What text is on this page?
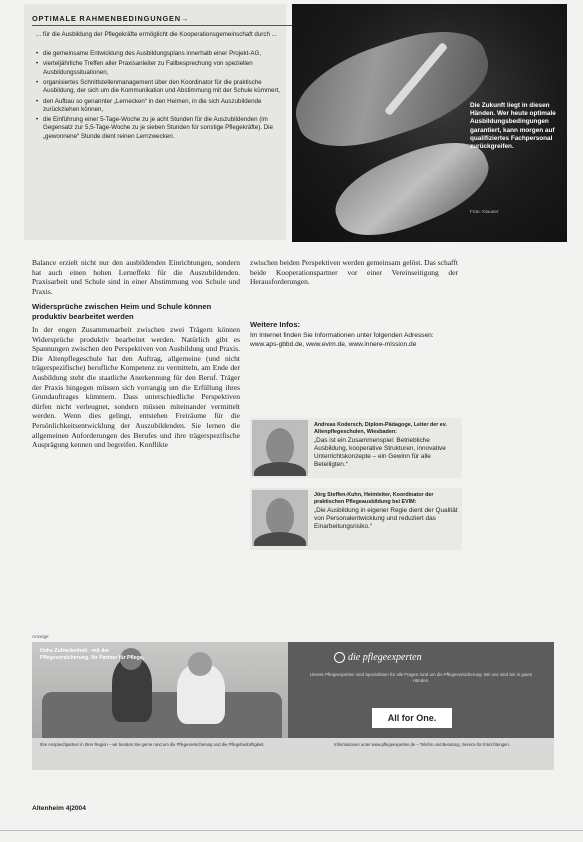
OPTIMALE RAHMENBEDINGUNGEN→
... für die Ausbildung der Pflegekräfte ermöglicht die Kooperationsgemeinschaft durch ...
• die gemeinsame Entwicklung des Ausbildungsplans innerhalb einer Projekt-AG,
• vierteljährliche Treffen aller Praxisanleiter zu Fallbesprechung von speziellen Ausbildungssituationen,
• organisiertes Schnittstellenmanagement über den Koordinator für die praktische Ausbildung, der sich um die Kommunikation und Abstimmung mit der Schule kümmert,
• den Aufbau so genannter „Lernecken“ in den Heimen, in die sich Auszubildende zurückziehen können,
• die Einführung einer 5-Tage-Woche zu je acht Stunden für die Auszubildenden (im Gegensatz zur 5,5-Tage-Woche zu je sieben Stunden für sonstige Pflegekräfte). Die „gewonnene“ Stunde dient reinen Lernzwecken.
Die Zukunft liegt in diesen Händen. Wer heute optimale Ausbildungsbedingungen garantiert, kann morgen auf qualifiziertes Fachpersonal zurückgreifen.
Foto: Klauser
Balance erzielt nicht nur den ausbildenden Einrichtungen, sondern hat auch einen hohen Lerneffekt für die Auszubildenden. Praxisarbeit und Schule sind in einer Abstimmung von Schule und Praxis.
Widersprüche zwischen Heim und Schule können produktiv bearbeitet werden
In der engen Zusammenarbeit zwischen zwei Trägern können Widersprüche produktiv bearbeitet werden. Natürlich gibt es Spannungen zwischen den Perspektiven von Ausbildung und Praxis. Die Altenpflegeschule hat den Auftrag, allgemeine (und nicht trägerspezifische) berufliche Kompetenz zu vermitteln, am Ende der Ausbildung steht die staatliche Anerkennung für den Beruf. Träger der Praxis hingegen müssen sich vorrangig um die Erfüllung ihres Grundauftrages kümmern. Dass unterschiedliche Perspektiven dürfen nicht verleugnet, sondern müssen miteinander vermittelt werden. Wenn dies gelingt, entstehen Freiräume für die Persönlichkeitsentwicklung der Auszubildenden. Sie lernen die allgemeinen Anforderungen des Berufes und ihre trägerspezifische Ausprägung kennen und begreifen. Konflikte
zwischen beiden Perspektiven werden gemeinsam gelöst. Das schafft beide Kooperationspartner vor einer Vereinseitigung der Herausforderungen.
Weitere Infos:
Im Internet finden Sie Informationen unter folgenden Adressen: www.aps-gbbd.de, www.evim.de, www.innere-mission.de
Andreas Kodersch, Diplom-Pädagoge, Leiter der ev. Altenpflegeschulen, Wiesbaden:
„Das ist ein Zusammenspiel: Betriebliche Ausbildung, kooperative Strukturen, innovative Unterrichtskonzepte – ein Gewinn für alle Beteiligten.“
Jörg Steffen-Kuhn, Heimleiter, Koordinator der praktischen Pflegeausbildung bei EVIM:
„Die Ausbildung in eigener Regie dient der Qualität von Personalentwicklung und reduziert das Einarbeitungsrisiko.“
Anzeige
Hohe Zufriedenheit - mit der Pflegeversicherung. Ihr Partner für Pflege.	die pflegeexperten
Unsere Pflegeexperten sind Spezialisten für alle Fragen rund um die Pflegeversicherung. Bei uns sind Sie in guten Händen.
All for One.
Ihre Ansprechpartner in Ihrer Region – wir beraten Sie gerne rund um die Pflegeversicherung und die Pflegebedürftigkeit.	Informationen unter www.pflegeexperten.de – Telefon und Beratung, Service für Einrichtungen.
Altenheim 4|2004
